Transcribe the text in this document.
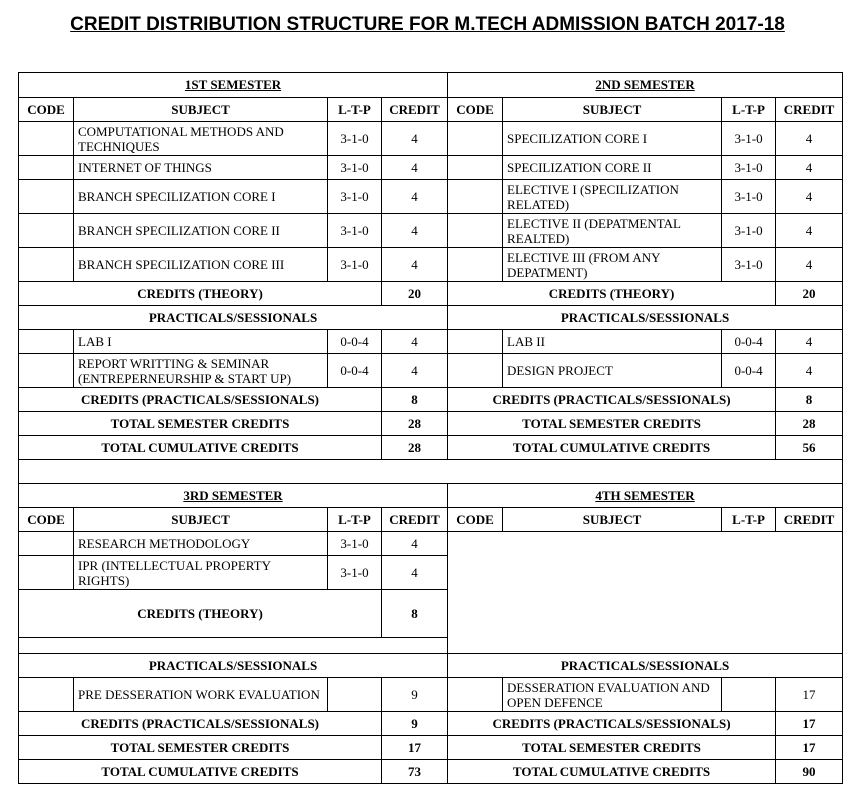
CREDIT DISTRIBUTION STRUCTURE FOR M.TECH ADMISSION BATCH 2017-18
1ST SEMESTER				2ND SEMESTER			
CODE	SUBJECT	L-T-P	CREDIT	CODE	SUBJECT	L-T-P	CREDIT
	COMPUTATIONAL METHODS AND TECHNIQUES	3-1-0	4		SPECILIZATION CORE I	3-1-0	4
	INTERNET OF THINGS	3-1-0	4		SPECILIZATION CORE II	3-1-0	4
	BRANCH SPECILIZATION CORE I	3-1-0	4		ELECTIVE I (SPECILIZATION RELATED)	3-1-0	4
	BRANCH SPECILIZATION CORE II	3-1-0	4		ELECTIVE II (DEPATMENTAL REALTED)	3-1-0	4
	BRANCH SPECILIZATION CORE III	3-1-0	4		ELECTIVE III (FROM ANY DEPATMENT)	3-1-0	4
CREDITS (THEORY)			20	CREDITS (THEORY)			20
PRACTICALS/SESSIONALS				PRACTICALS/SESSIONALS			
	LAB I	0-0-4	4		LAB II	0-0-4	4
	REPORT WRITTING & SEMINAR (ENTREPERNEURSHIP & START UP)	0-0-4	4		DESIGN PROJECT	0-0-4	4
CREDITS (PRACTICALS/SESSIONALS)			8	CREDITS (PRACTICALS/SESSIONALS)			8
TOTAL SEMESTER CREDITS			28	TOTAL SEMESTER CREDITS			28
TOTAL CUMULATIVE CREDITS			28	TOTAL CUMULATIVE CREDITS			56

3RD SEMESTER				4TH SEMESTER			
CODE	SUBJECT	L-T-P	CREDIT	CODE	SUBJECT	L-T-P	CREDIT
	RESEARCH METHODOLOGY	3-1-0	4				
	IPR (INTELLECTUAL PROPERTY RIGHTS)	3-1-0	4				
CREDITS (THEORY)			8				

PRACTICALS/SESSIONALS				PRACTICALS/SESSIONALS			
	PRE DESSERATION WORK EVALUATION		9		DESSERATION EVALUATION AND OPEN DEFENCE		17
CREDITS (PRACTICALS/SESSIONALS)			9	CREDITS (PRACTICALS/SESSIONALS)			17
TOTAL SEMESTER CREDITS			17	TOTAL SEMESTER CREDITS			17
TOTAL CUMULATIVE CREDITS			73	TOTAL CUMULATIVE CREDITS			90
